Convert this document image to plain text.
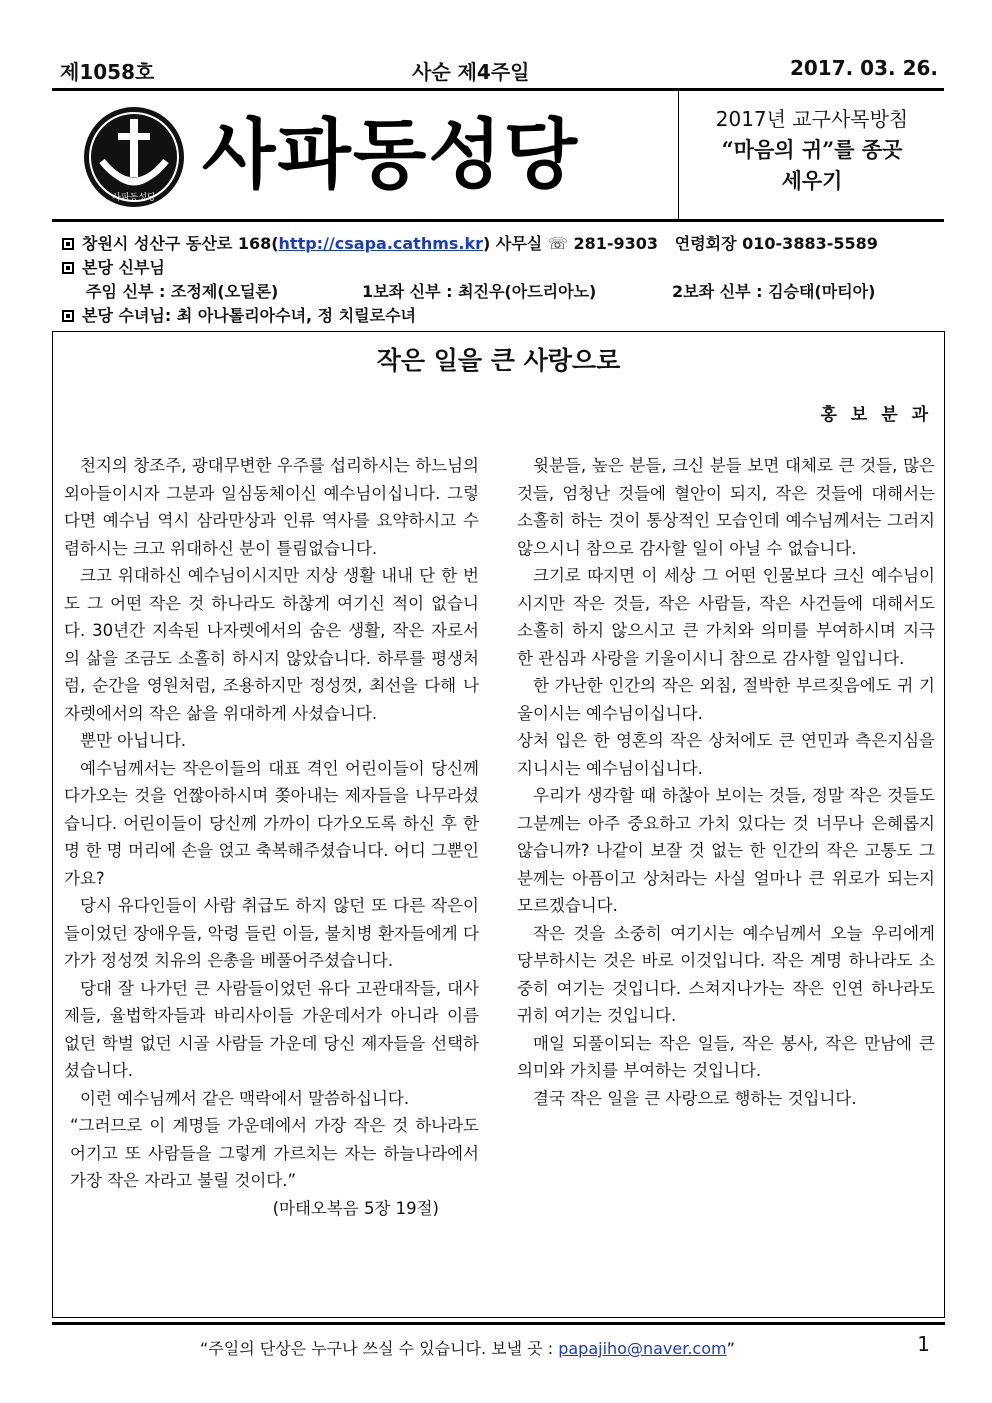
제1058호	사순 제4주일	2017. 03. 26.
사파동성당 사파동성당	2017년 교구사목방침
“마음의 귀”를 종곳
세우기
창원시 성산구 동산로 168(http://csapa.cathms.kr) 사무실 ☏ 281-9303 연령회장 010-3883-5589
본당 신부님
주임 신부 : 조정제(오딜론)	1보좌 신부 : 최진우(아드리아노)	2보좌 신부 : 김승태(마티아)
본당 수녀님: 최 아나톨리아수녀, 정 치릴로수녀
작은 일을 큰 사랑으로
홍 보 분 과

천지의 창조주, 광대무변한 우주를 섭리하시는 하느님의 외아들이시자 그분과 일심동체이신 예수님이십니다. 그렇다면 예수님 역시 삼라만상과 인류 역사를 요약하시고 수렴하시는 크고 위대하신 분이 틀림없습니다.

크고 위대하신 예수님이시지만 지상 생활 내내 단 한 번도 그 어떤 작은 것 하나라도 하찮게 여기신 적이 없습니다. 30년간 지속된 나자렛에서의 숨은 생활, 작은 자로서의 삶을 조금도 소홀히 하시지 않았습니다. 하루를 평생처럼, 순간을 영원처럼, 조용하지만 정성껏, 최선을 다해 나자렛에서의 작은 삶을 위대하게 사셨습니다.

뿐만 아닙니다.

예수님께서는 작은이들의 대표 격인 어린이들이 당신께 다가오는 것을 언짢아하시며 쫒아내는 제자들을 나무라셨습니다. 어린이들이 당신께 가까이 다가오도록 하신 후 한 명 한 명 머리에 손을 얹고 축복해주셨습니다. 어디 그뿐인가요?

당시 유다인들이 사람 취급도 하지 않던 또 다른 작은이들이었던 장애우들, 악령 들린 이들, 불치병 환자들에게 다가가 정성껏 치유의 은총을 베풀어주셨습니다.

당대 잘 나가던 큰 사람들이었던 유다 고관대작들, 대사제들, 율법학자들과 바리사이들 가운데서가 아니라 이름 없던 학벌 없던 시골 사람들 가운데 당신 제자들을 선택하셨습니다.

이런 예수님께서 같은 맥락에서 말씀하십니다.

“그러므로 이 계명들 가운데에서 가장 작은 것 하나라도 어기고 또 사람들을 그렇게 가르치는 자는 하늘나라에서 가장 작은 자라고 불릴 것이다.”

(마태오복음 5장 19절)

윗분들, 높은 분들, 크신 분들 보면 대체로 큰 것들, 많은 것들, 엄청난 것들에 혈안이 되지, 작은 것들에 대해서는 소홀히 하는 것이 통상적인 모습인데 예수님께서는 그러지 않으시니 참으로 감사할 일이 아닐 수 없습니다.

크기로 따지면 이 세상 그 어떤 인물보다 크신 예수님이시지만 작은 것들, 작은 사람들, 작은 사건들에 대해서도 소홀히 하지 않으시고 큰 가치와 의미를 부여하시며 지극한 관심과 사랑을 기울이시니 참으로 감사할 일입니다.

한 가난한 인간의 작은 외침, 절박한 부르짖음에도 귀 기울이시는 예수님이십니다.

상처 입은 한 영혼의 작은 상처에도 큰 연민과 측은지심을 지니시는 예수님이십니다.

우리가 생각할 때 하찮아 보이는 것들, 정말 작은 것들도 그분께는 아주 중요하고 가치 있다는 것 너무나 은혜롭지 않습니까? 나같이 보잘 것 없는 한 인간의 작은 고통도 그분께는 아픔이고 상처라는 사실 얼마나 큰 위로가 되는지 모르겠습니다.

작은 것을 소중히 여기시는 예수님께서 오늘 우리에게 당부하시는 것은 바로 이것입니다. 작은 계명 하나라도 소중히 여기는 것입니다. 스쳐지나가는 작은 인연 하나라도 귀히 여기는 것입니다.

매일 되풀이되는 작은 일들, 작은 봉사, 작은 만남에 큰 의미와 가치를 부여하는 것입니다.

결국 작은 일을 큰 사랑으로 행하는 것입니다.

“주일의 단상은 누구나 쓰실 수 있습니다. 보낼 곳 : papajiho@naver.com”	1
